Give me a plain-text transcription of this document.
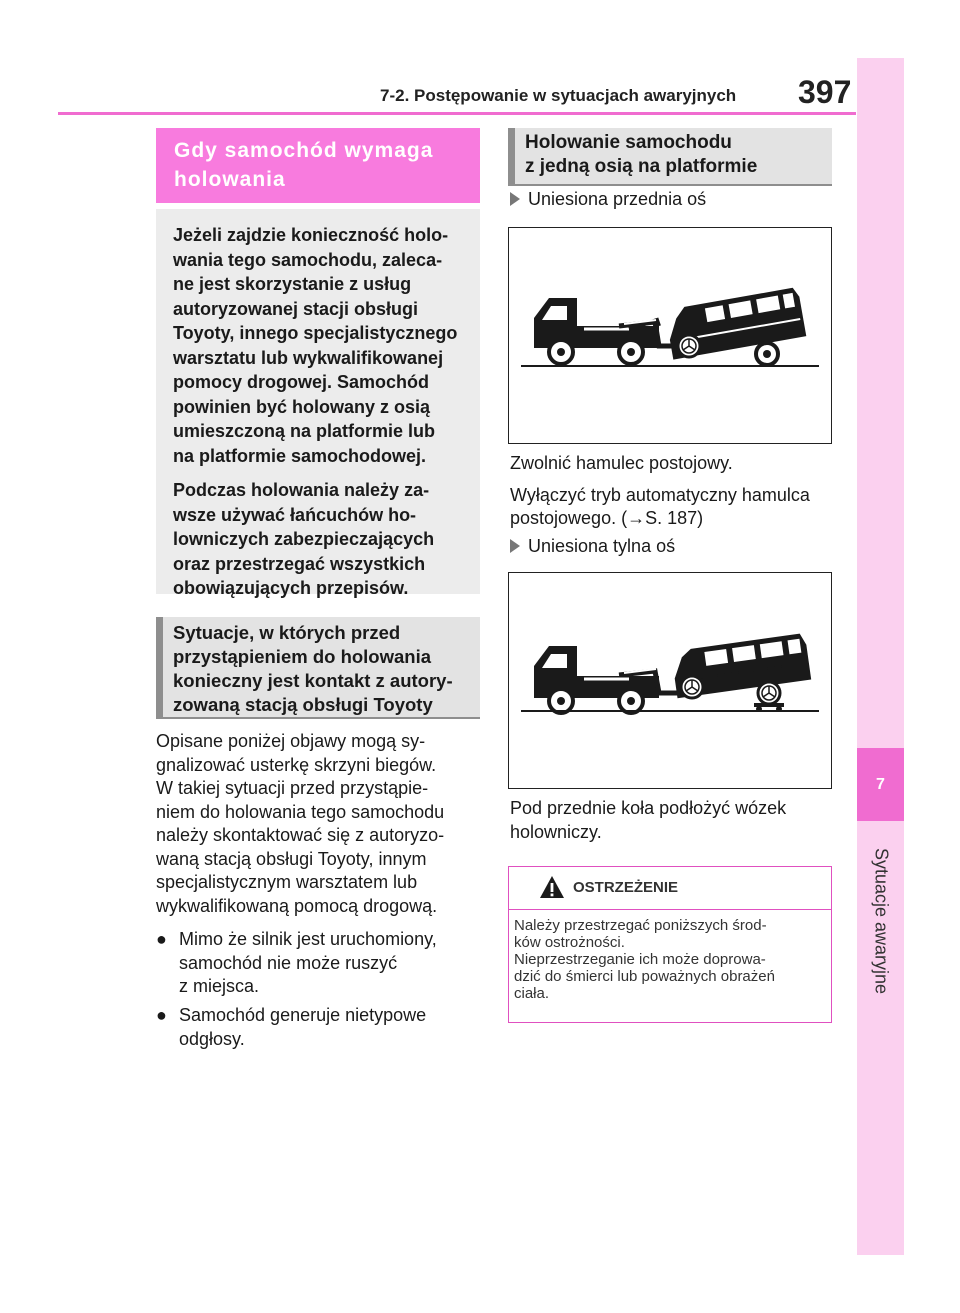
7-2. Postępowanie w sytuacjach awaryjnych 397
7
Sytuacje awaryjne
Gdy samochód wymaga
holowania

Jeżeli zajdzie konieczność holo-
wania tego samochodu, zaleca-
ne jest skorzystanie z usług
autoryzowanej stacji obsługi
Toyoty, innego specjalistycznego
warsztatu lub wykwalifikowanej
pomocy drogowej. Samochód
powinien być holowany z osią
umieszczoną na platformie lub
na platformie samochodowej.

Podczas holowania należy za-
wsze używać łańcuchów ho-
lowniczych zabezpieczających
oraz przestrzegać wszystkich
obowiązujących przepisów.

Sytuacje, w których przed
przystąpieniem do holowania
konieczny jest kontakt z autory-
zowaną stacją obsługi Toyoty
Opisane poniżej objawy mogą sy-
gnalizować usterkę skrzyni biegów.
W takiej sytuacji przed przystąpie-
niem do holowania tego samochodu
należy skontaktować się z autoryzo-
waną stacją obsługi Toyoty, innym
specjalistycznym warsztatem lub
wykwalifikowaną pomocą drogową.
● Mimo że silnik jest uruchomiony,
samochód nie może ruszyć
z miejsca.
● Samochód generuje nietypowe
odgłosy.
Holowanie samochodu
z jedną osią na platformie
Uniesiona przednia oś
Zwolnić hamulec postojowy.
Wyłączyć tryb automatyczny hamulca
postojowego. (→S. 187)
Uniesiona tylna oś
Pod przednie koła podłożyć wózek
holowniczy.
OSTRZEŻENIE
Należy przestrzegać poniższych środ-
ków ostrożności.
Nieprzestrzeganie ich może doprowa-
dzić do śmierci lub poważnych obrażeń
ciała.
